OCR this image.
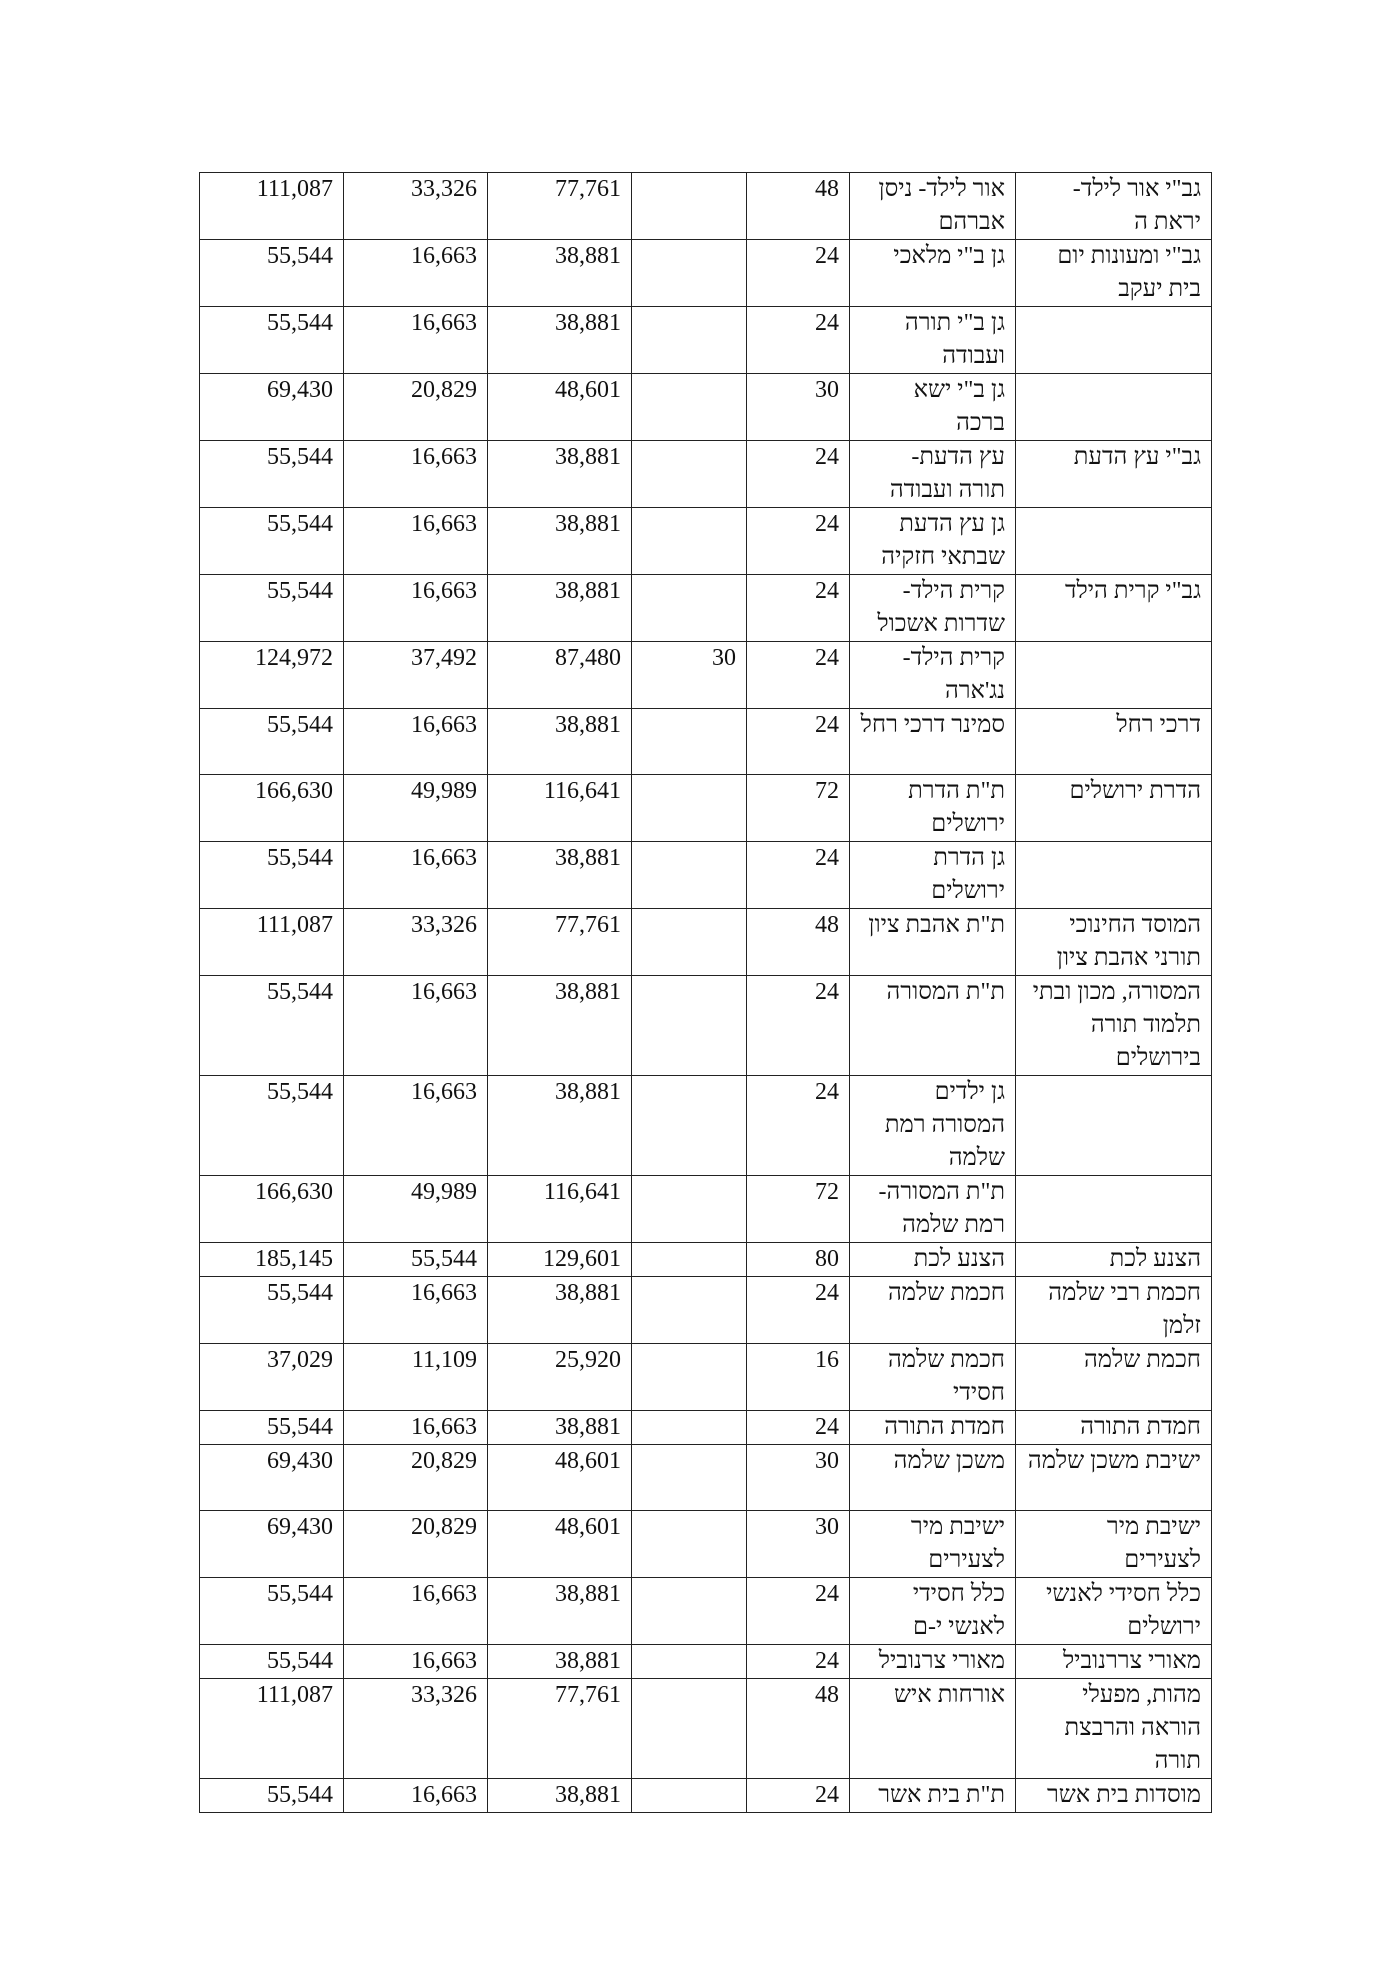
111,087	33,326	77,761		48	אור לילד- ניסן אברהם	גב"י אור לילד- יראת ה
55,544	16,663	38,881		24	גן ב"י מלאכי	גב"י ומעונות יום בית יעקב
55,544	16,663	38,881		24	גן ב"י תורה ועבודה	
69,430	20,829	48,601		30	גן ב"י ישא ברכה	
55,544	16,663	38,881		24	עץ הדעת- תורה ועבודה	גב"י עץ הדעת
55,544	16,663	38,881		24	גן עץ הדעת שבתאי חזקיה	
55,544	16,663	38,881		24	קרית הילד- שדרות אשכול	גב"י קרית הילד
124,972	37,492	87,480	30	24	קרית הילד- נג'ארה	
55,544	16,663	38,881		24	סמינר דרכי רחל	דרכי רחל
166,630	49,989	116,641		72	ת"ת הדרת ירושלים	הדרת ירושלים
55,544	16,663	38,881		24	גן הדרת ירושלים	
111,087	33,326	77,761		48	ת"ת אהבת ציון	המוסד החינוכי תורני אהבת ציון
55,544	16,663	38,881		24	ת"ת המסורה	המסורה, מכון ובתי תלמוד תורה בירושלים
55,544	16,663	38,881		24	גן ילדים המסורה רמת שלמה	
166,630	49,989	116,641		72	ת"ת המסורה- רמת שלמה	
185,145	55,544	129,601		80	הצנע לכת	הצנע לכת
55,544	16,663	38,881		24	חכמת שלמה	חכמת רבי שלמה זלמן
37,029	11,109	25,920		16	חכמת שלמה חסידי	חכמת שלמה
55,544	16,663	38,881		24	חמדת התורה	חמדת התורה
69,430	20,829	48,601		30	משכן שלמה	ישיבת משכן שלמה
69,430	20,829	48,601		30	ישיבת מיר לצעירים	ישיבת מיר לצעירים
55,544	16,663	38,881		24	כלל חסידי לאנשי י-ם	כלל חסידי לאנשי ירושלים
55,544	16,663	38,881		24	מאורי צרנוביל	מאורי צררנוביל
111,087	33,326	77,761		48	אורחות איש	מהות, מפעלי הוראה והרבצת תורה
55,544	16,663	38,881		24	ת"ת בית אשר	מוסדות בית אשר
